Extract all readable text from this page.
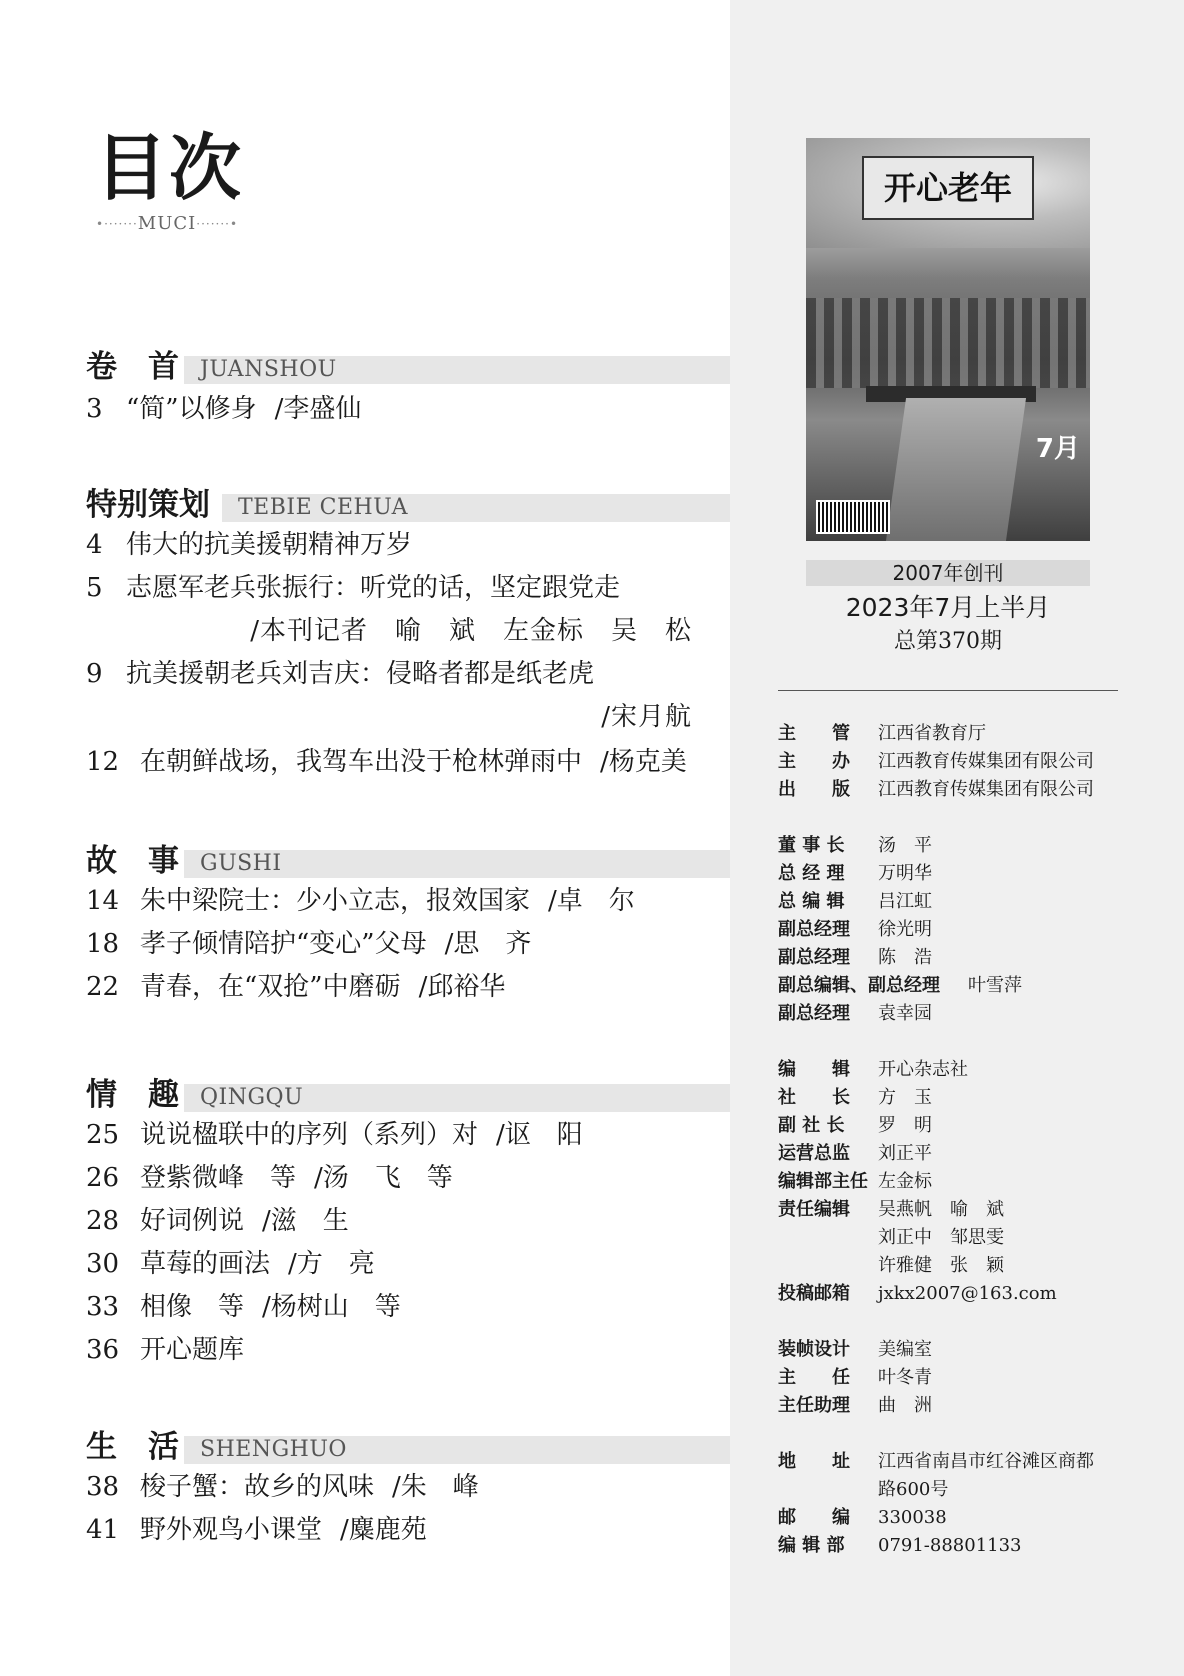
目次
•·······MUCI·······•
卷　首 JUANSHOU
3 “简”以修身 /李盛仙
特别策划 TEBIE CEHUA
4 伟大的抗美援朝精神万岁
5 志愿军老兵张振行：听党的话，坚定跟党走
/本刊记者　喻　斌　左金标　吴　松
9 抗美援朝老兵刘吉庆：侵略者都是纸老虎
/宋月航
12 在朝鲜战场，我驾车出没于枪林弹雨中 /杨克美
故　事 GUSHI
14 朱中梁院士：少小立志，报效国家 /卓　尔
18 孝子倾情陪护“变心”父母 /思　齐
22 青春，在“双抢”中磨砺 /邱裕华
情　趣 QINGQU
25 说说楹联中的序列（系列）对 /讴　阳
26 登紫微峰　等 /汤　飞　等
28 好词例说 /滋　生
30 草莓的画法 /方　亮
33 相像　等 /杨树山　等
36 开心题库
生　活 SHENGHUO
38 梭子蟹：故乡的风味 /朱　峰
41 野外观鸟小课堂 /麋鹿苑
开心老年
7月
2007年创刊
2023年7月上半月
总第370期
主　　管 江西省教育厅
主　　办 江西教育传媒集团有限公司
出　　版 江西教育传媒集团有限公司
董 事 长 汤　平
总 经 理 万明华
总 编 辑 吕江虹
副总经理 徐光明
副总经理 陈　浩
副总编辑、副总经理 叶雪萍
副总经理 袁幸园
编　　辑 开心杂志社
社　　长 方　玉
副 社 长 罗　明
运营总监 刘正平
编辑部主任 左金标
责任编辑 吴燕帆　喻　斌
刘正中　邹思雯
许雅健　张　颖
投稿邮箱 jxkx2007@163.com
装帧设计 美编室
主　　任 叶冬青
主任助理 曲　洲
地　　址 江西省南昌市红谷滩区商都
路600号
邮　　编 330038
编 辑 部 0791-88801133
